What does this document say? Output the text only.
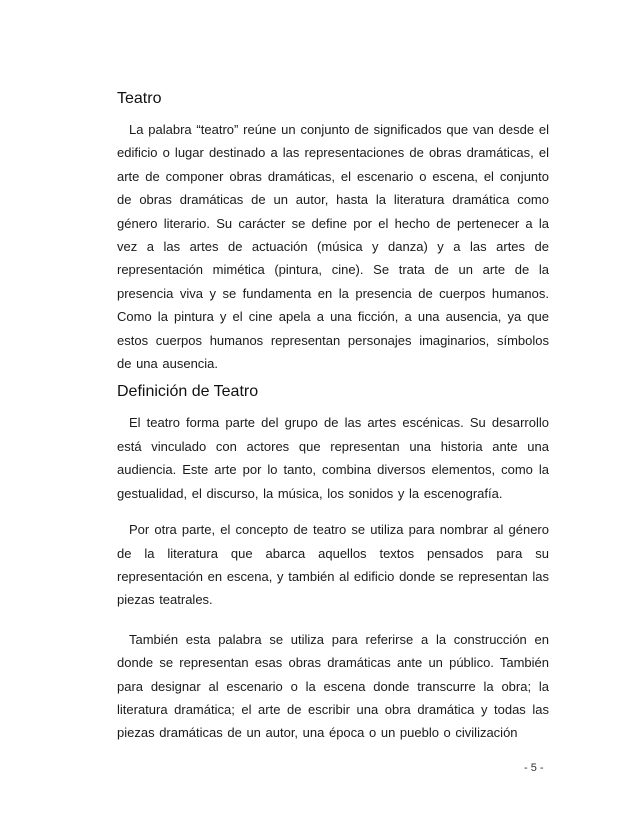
Teatro

La palabra “teatro” reúne un conjunto de significados que van desde el edificio o lugar destinado a las representaciones de obras dramáticas, el arte de componer obras dramáticas, el escenario o escena, el conjunto de obras dramáticas de un autor, hasta la literatura dramática como género literario. Su carácter se define por el hecho de pertenecer a la vez a las artes de actuación (música y danza) y a las artes de representación mimética (pintura, cine). Se trata de un arte de la presencia viva y se fundamenta en la presencia de cuerpos humanos. Como la pintura y el cine apela a una ficción, a una ausencia, ya que estos cuerpos humanos representan personajes imaginarios, símbolos de una ausencia.

Definición de Teatro

El teatro forma parte del grupo de las artes escénicas. Su desarrollo está vinculado con actores que representan una historia ante una audiencia. Este arte por lo tanto, combina diversos elementos, como la gestualidad, el discurso, la música, los sonidos y la escenografía.

Por otra parte, el concepto de teatro se utiliza para nombrar al género de la literatura que abarca aquellos textos pensados para su representación en escena, y también al edificio donde se representan las piezas teatrales.

También esta palabra se utiliza para referirse a la construcción en donde se representan esas obras dramáticas ante un público. También para designar al escenario o la escena donde transcurre la obra; la literatura dramática; el arte de escribir una obra dramática y todas las piezas dramáticas de un autor, una época o un pueblo o civilización

- 5 -
